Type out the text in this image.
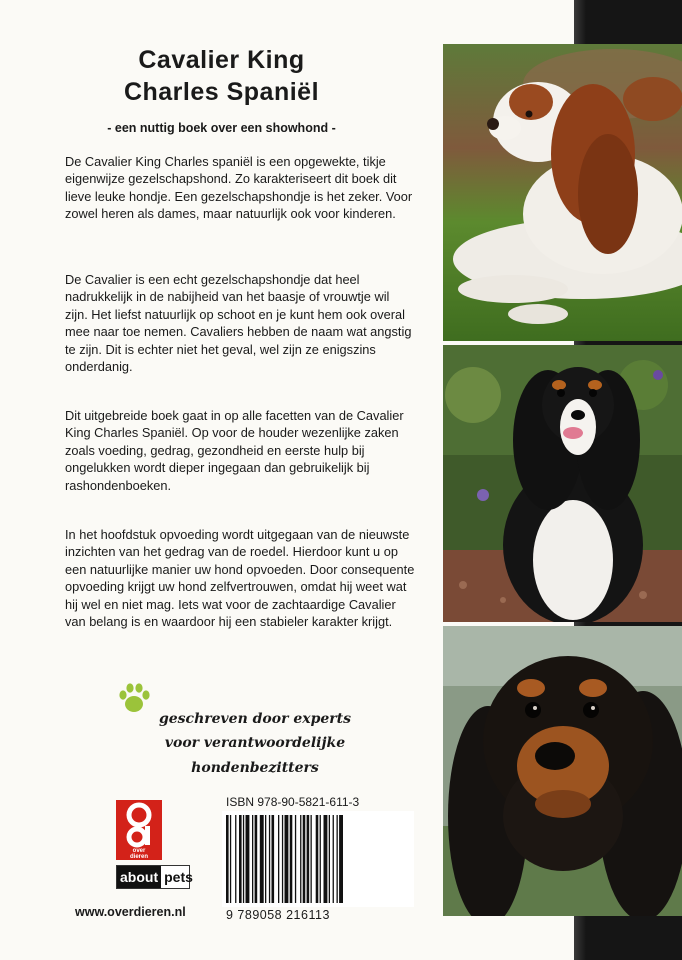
Cavalier King
Charles Spaniël
- een nuttig boek over een showhond -

De Cavalier King Charles spaniël is een opgewekte, tikje eigenwijze gezelschapshond. Zo karakteriseert dit boek dit lieve leuke hondje. Een gezelschapshondje is het zeker. Voor zowel heren als dames, maar natuurlijk ook voor kinderen.

De Cavalier is een echt gezelschapshondje dat heel nadrukkelijk in de nabijheid van het baasje of vrouwtje wil zijn. Het liefst natuurlijk op schoot en je kunt hem ook overal mee naar toe nemen. Cavaliers hebben de naam wat angstig te zijn. Dit is echter niet het geval, wel zijn ze enigszins onderdanig.

Dit uitgebreide boek gaat in op alle facetten van de Cavalier King Charles Spaniël. Op voor de houder wezenlijke zaken zoals voeding, gedrag, gezondheid en eerste hulp bij ongelukken wordt dieper ingegaan dan gebruikelijk bij rashondenboeken.

In het hoofdstuk opvoeding wordt uitgegaan van de nieuwste inzichten van het gedrag van de roedel. Hierdoor kunt u op een natuurlijke manier uw hond opvoeden. Door consequente opvoeding krijgt uw hond zelfvertrouwen, omdat hij weet wat hij wel en niet mag. Iets wat voor de zachtaardige Cavalier van belang is en waardoor hij een stabieler karakter krijgt.

geschreven door experts
voor verantwoordelijke
hondenbezitters
over
dieren
about pets
www.overdieren.nl
ISBN 978-90-5821-611-3
9 789058 216113
